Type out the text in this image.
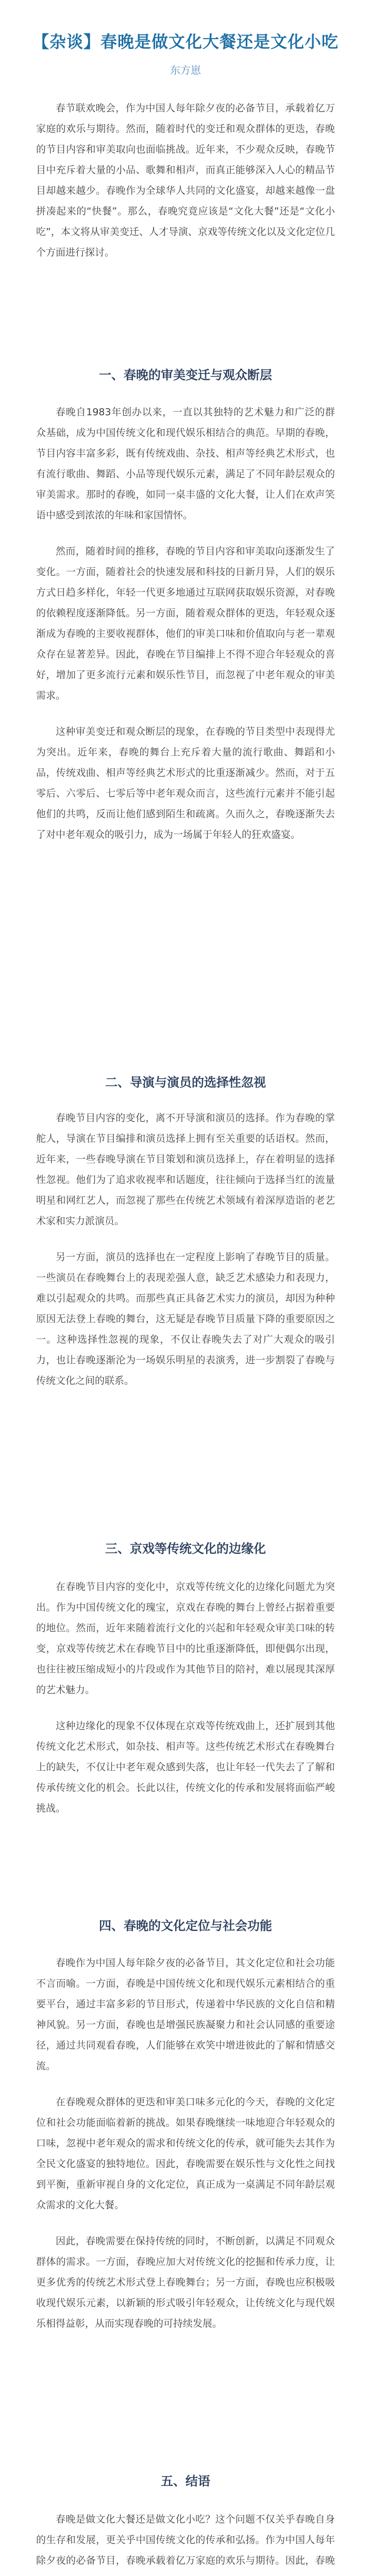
【杂谈】春晚是做文化大餐还是文化小吃
东方崽

春节联欢晚会，作为中国人每年除夕夜的必备节目，承载着亿万家庭的欢乐与期待。然而，随着时代的变迁和观众群体的更迭，春晚的节目内容和审美取向也面临挑战。近年来，不少观众反映，春晚节目中充斥着大量的小品、歌舞和相声，而真正能够深入人心的精品节目却越来越少。春晚作为全球华人共同的文化盛宴，却越来越像一盘拼凑起来的“快餐”。那么，春晚究竟应该是“文化大餐”还是“文化小吃”，本文将从审美变迁、人才导演、京戏等传统文化以及文化定位几个方面进行探讨。

一、春晚的审美变迁与观众断层

春晚自1983年创办以来，一直以其独特的艺术魅力和广泛的群众基础，成为中国传统文化和现代娱乐相结合的典范。早期的春晚，节目内容丰富多彩，既有传统戏曲、杂技、相声等经典艺术形式，也有流行歌曲、舞蹈、小品等现代娱乐元素，满足了不同年龄层观众的审美需求。那时的春晚，如同一桌丰盛的文化大餐，让人们在欢声笑语中感受到浓浓的年味和家国情怀。

然而，随着时间的推移，春晚的节目内容和审美取向逐渐发生了变化。一方面，随着社会的快速发展和科技的日新月异，人们的娱乐方式日趋多样化，年轻一代更多地通过互联网获取娱乐资源，对春晚的依赖程度逐渐降低。另一方面，随着观众群体的更迭，年轻观众逐渐成为春晚的主要收视群体，他们的审美口味和价值取向与老一辈观众存在显著差异。因此，春晚在节目编排上不得不迎合年轻观众的喜好，增加了更多流行元素和娱乐性节目，而忽视了中老年观众的审美需求。

这种审美变迁和观众断层的现象，在春晚的节目类型中表现得尤为突出。近年来，春晚的舞台上充斥着大量的流行歌曲、舞蹈和小品，传统戏曲、相声等经典艺术形式的比重逐渐减少。然而，对于五零后、六零后、七零后等中老年观众而言，这些流行元素并不能引起他们的共鸣，反而让他们感到陌生和疏离。久而久之，春晚逐渐失去了对中老年观众的吸引力，成为一场属于年轻人的狂欢盛宴。

二、导演与演员的选择性忽视

春晚节目内容的变化，离不开导演和演员的选择。作为春晚的掌舵人，导演在节目编排和演员选择上拥有至关重要的话语权。然而，近年来，一些春晚导演在节目策划和演员选择上，存在着明显的选择性忽视。他们为了追求收视率和话题度，往往倾向于选择当红的流量明星和网红艺人，而忽视了那些在传统艺术领域有着深厚造诣的老艺术家和实力派演员。

另一方面，演员的选择也在一定程度上影响了春晚节目的质量。一些演员在春晚舞台上的表现差强人意，缺乏艺术感染力和表现力，难以引起观众的共鸣。而那些真正具备艺术实力的演员，却因为种种原因无法登上春晚的舞台，这无疑是春晚节目质量下降的重要原因之一。这种选择性忽视的现象，不仅让春晚失去了对广大观众的吸引力，也让春晚逐渐沦为一场娱乐明星的表演秀，进一步割裂了春晚与传统文化之间的联系。

三、京戏等传统文化的边缘化

在春晚节目内容的变化中，京戏等传统文化的边缘化问题尤为突出。作为中国传统文化的瑰宝，京戏在春晚的舞台上曾经占据着重要的地位。然而，近年来随着流行文化的兴起和年轻观众审美口味的转变，京戏等传统艺术在春晚节目中的比重逐渐降低，即便偶尔出现，也往往被压缩成短小的片段或作为其他节目的陪衬，难以展现其深厚的艺术魅力。

这种边缘化的现象不仅体现在京戏等传统戏曲上，还扩展到其他传统文化艺术形式，如杂技、相声等。这些传统艺术形式在春晚舞台上的缺失，不仅让中老年观众感到失落，也让年轻一代失去了了解和传承传统文化的机会。长此以往，传统文化的传承和发展将面临严峻挑战。

四、春晚的文化定位与社会功能

春晚作为中国人每年除夕夜的必备节目，其文化定位和社会功能不言而喻。一方面，春晚是中国传统文化和现代娱乐元素相结合的重要平台，通过丰富多彩的节目形式，传递着中华民族的文化自信和精神风貌。另一方面，春晚也是增强民族凝聚力和社会认同感的重要途径，通过共同观看春晚，人们能够在欢笑中增进彼此的了解和情感交流。

在春晚观众群体的更迭和审美口味多元化的今天，春晚的文化定位和社会功能面临着新的挑战。如果春晚继续一味地迎合年轻观众的口味，忽视中老年观众的需求和传统文化的传承，就可能失去其作为全民文化盛宴的独特地位。因此，春晚需要在娱乐性与文化性之间找到平衡，重新审视自身的文化定位，真正成为一桌满足不同年龄层观众需求的文化大餐。

因此，春晚需要在保持传统的同时，不断创新，以满足不同观众群体的需求。一方面，春晚应加大对传统文化的挖掘和传承力度，让更多优秀的传统艺术形式登上春晚舞台；另一方面，春晚也应积极吸收现代娱乐元素，以新颖的形式吸引年轻观众，让传统文化与现代娱乐相得益彰，从而实现春晚的可持续发展。

五、结语

春晚是做文化大餐还是做文化小吃？这个问题不仅关乎春晚自身的生存和发展，更关乎中国传统文化的传承和弘扬。作为中国人每年除夕夜的必备节目，春晚承载着亿万家庭的欢乐与期待。因此，春晚
